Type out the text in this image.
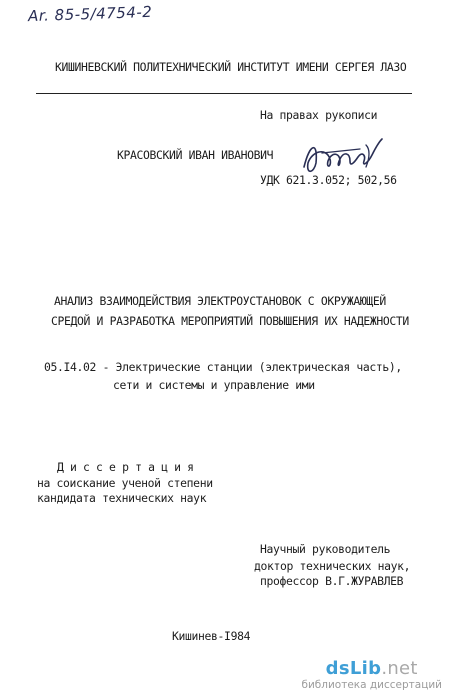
Ar. 85-5/4754-2
КИШИНЕВСКИЙ ПОЛИТЕХНИЧЕСКИЙ ИНСТИТУТ ИМЕНИ СЕРГЕЯ ЛАЗО
На правах рукописи
КРАСОВСКИЙ ИВАН ИВАНОВИЧ
УДК 621.3.052; 502,56
АНАЛИЗ ВЗАИМОДЕЙСТВИЯ ЭЛЕКТРОУСТАНОВОК С ОКРУЖАЮЩЕЙ
СРЕДОЙ И РАЗРАБОТКА МЕРОПРИЯТИЙ ПОВЫШЕНИЯ ИХ НАДЕЖНОСТИ
05.I4.02 - Электрические станции (электрическая часть),
сети и системы и управление ими
Д и с с е р т а ц и я
на соискание ученой степени
кандидата технических наук
Научный руководитель
доктор технических наук,
профессор В.Г.ЖУРАВЛЕВ
Кишинев-I984
dsLib.net
библиотека диссертаций
